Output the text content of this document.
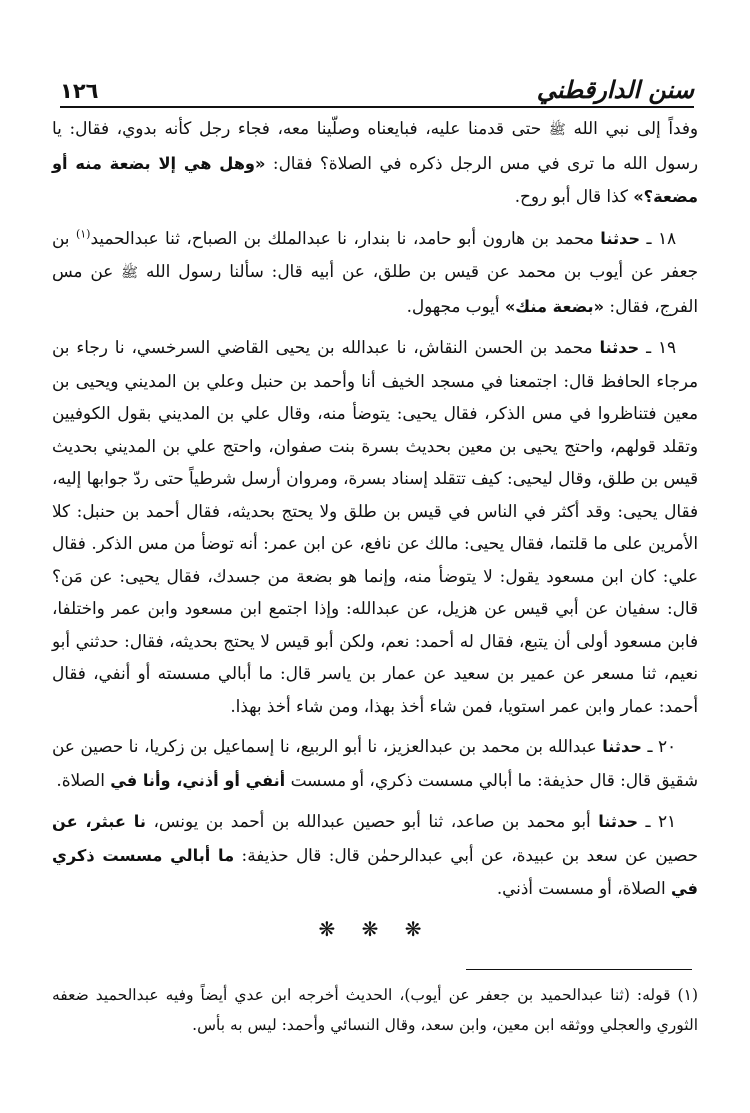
١٢٦	سنن الدارقطني

وفداً إلى نبي الله ﷺ حتى قدمنا عليه، فبايعناه وصلّينا معه، فجاء رجل كأنه بدوي، فقال: يا رسول الله ما ترى في مس الرجل ذكره في الصلاة؟ فقال: «وهل هي إلا بضعة منه أو مضعة؟» كذا قال أبو روح.

١٨ ـ حدثنا محمد بن هارون أبو حامد، نا بندار، نا عبدالملك بن الصباح، ثنا عبدالحميد$^{(١)}$ بن جعفر عن أيوب بن محمد عن قيس بن طلق، عن أبيه قال: سألنا رسول الله ﷺ عن مس الفرج، فقال: «بضعة منك» أيوب مجهول.

١٩ ـ حدثنا محمد بن الحسن النقاش، نا عبدالله بن يحيى القاضي السرخسي، نا رجاء بن مرجاء الحافظ قال: اجتمعنا في مسجد الخيف أنا وأحمد بن حنبل وعلي بن المديني ويحيى بن معين فتناظروا في مس الذكر، فقال يحيى: يتوضأ منه، وقال علي بن المديني بقول الكوفيين وتقلد قولهم، واحتج يحيى بن معين بحديث بسرة بنت صفوان، واحتج علي بن المديني بحديث قيس بن طلق، وقال ليحيى: كيف تتقلد إسناد بسرة، ومروان أرسل شرطياً حتى ردّ جوابها إليه، فقال يحيى: وقد أكثر في الناس في قيس بن طلق ولا يحتج بحديثه، فقال أحمد بن حنبل: كلا الأمرين على ما قلتما، فقال يحيى: مالك عن نافع، عن ابن عمر: أنه توضأ من مس الذكر. فقال علي: كان ابن مسعود يقول: لا يتوضأ منه، وإنما هو بضعة من جسدك، فقال يحيى: عن مَن؟ قال: سفيان عن أبي قيس عن هزيل، عن عبدالله: وإذا اجتمع ابن مسعود وابن عمر واختلفا، فابن مسعود أولى أن يتبع، فقال له أحمد: نعم، ولكن أبو قيس لا يحتج بحديثه، فقال: حدثني أبو نعيم، ثنا مسعر عن عمير بن سعيد عن عمار بن ياسر قال: ما أبالي مسسته أو أنفي، فقال أحمد: عمار وابن عمر استويا، فمن شاء أخذ بهذا، ومن شاء أخذ بهذا.

٢٠ ـ حدثنا عبدالله بن محمد بن عبدالعزيز، نا أبو الربيع، نا إسماعيل بن زكريا، نا حصين عن شقيق قال: قال حذيفة: ما أبالي مسست ذكري، أو مسست أنفي أو أذني، وأنا في الصلاة.

٢١ ـ حدثنا أبو محمد بن صاعد، ثنا أبو حصين عبدالله بن أحمد بن يونس، نا عبثر، عن حصين عن سعد بن عبيدة، عن أبي عبدالرحمٰن قال: قال حذيفة: ما أبالي مسست ذكري في الصلاة، أو مسست أذني.

❋ ❋ ❋
(١) قوله: (ثنا عبدالحميد بن جعفر عن أيوب)، الحديث أخرجه ابن عدي أيضاً وفيه عبدالحميد ضعفه الثوري والعجلي ووثقه ابن معين، وابن سعد، وقال النسائي وأحمد: ليس به بأس.
